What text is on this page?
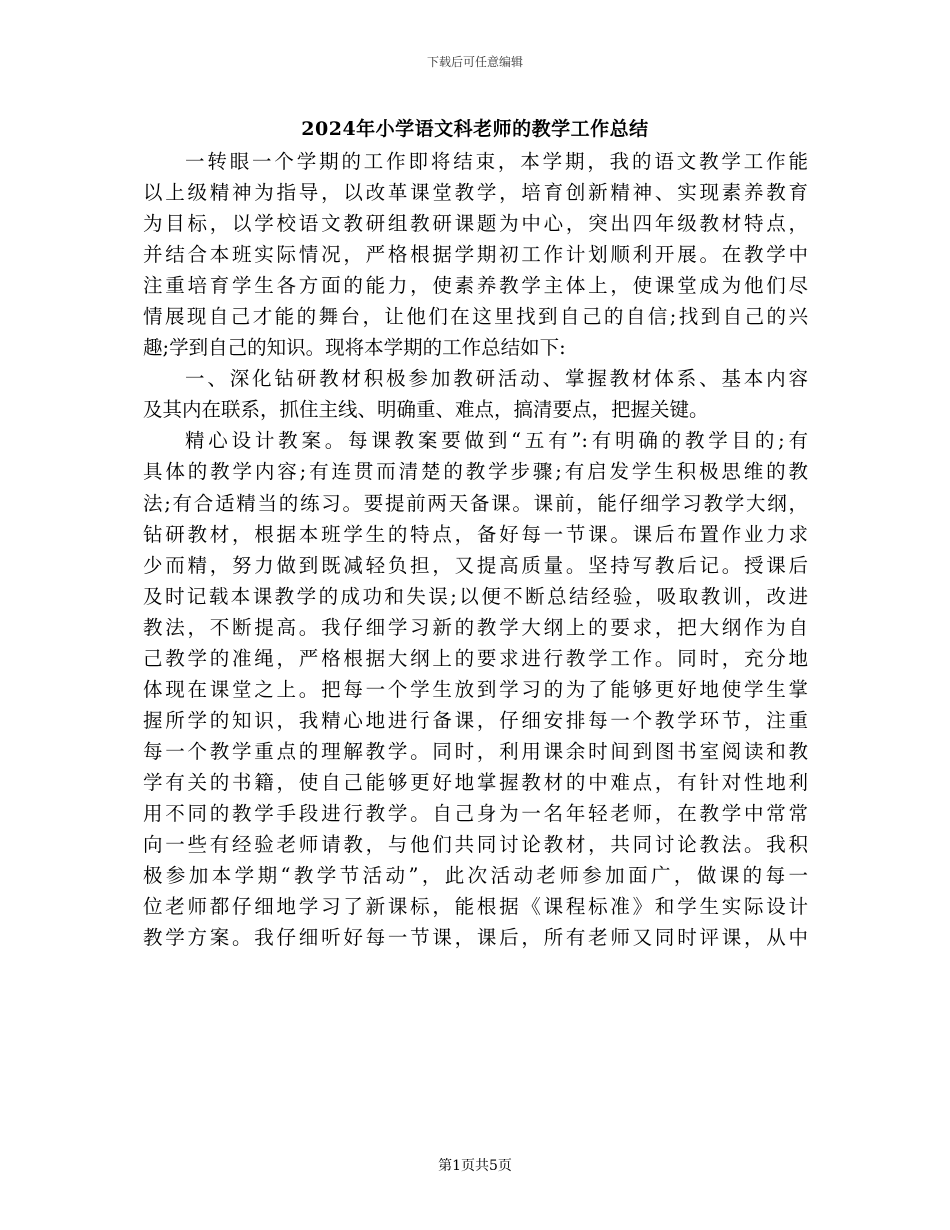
下载后可任意编辑
2024年小学语文科老师的教学工作总结
一转眼一个学期的工作即将结束，本学期，我的语文教学工作能
以上级精神为指导，以改革课堂教学，培育创新精神、实现素养教育
为目标，以学校语文教研组教研课题为中心，突出四年级教材特点，
并结合本班实际情况，严格根据学期初工作计划顺利开展。在教学中
注重培育学生各方面的能力，使素养教学主体上，使课堂成为他们尽
情展现自己才能的舞台，让他们在这里找到自己的自信;找到自己的兴
趣;学到自己的知识。现将本学期的工作总结如下:
一、深化钻研教材积极参加教研活动、掌握教材体系、基本内容
及其内在联系，抓住主线、明确重、难点，搞清要点，把握关键。
精心设计教案。每课教案要做到“五有”:有明确的教学目的;有
具体的教学内容;有连贯而清楚的教学步骤;有启发学生积极思维的教
法;有合适精当的练习。要提前两天备课。课前，能仔细学习教学大纲，
钻研教材，根据本班学生的特点，备好每一节课。课后布置作业力求
少而精，努力做到既减轻负担，又提高质量。坚持写教后记。授课后
及时记载本课教学的成功和失误;以便不断总结经验，吸取教训，改进
教法，不断提高。我仔细学习新的教学大纲上的要求，把大纲作为自
己教学的准绳，严格根据大纲上的要求进行教学工作。同时，充分地
体现在课堂之上。把每一个学生放到学习的为了能够更好地使学生掌
握所学的知识，我精心地进行备课，仔细安排每一个教学环节，注重
每一个教学重点的理解教学。同时，利用课余时间到图书室阅读和教
学有关的书籍，使自己能够更好地掌握教材的中难点，有针对性地利
用不同的教学手段进行教学。自己身为一名年轻老师，在教学中常常
向一些有经验老师请教，与他们共同讨论教材，共同讨论教法。我积
极参加本学期“教学节活动”，此次活动老师参加面广，做课的每一
位老师都仔细地学习了新课标，能根据《课程标准》和学生实际设计
教学方案。我仔细听好每一节课，课后，所有老师又同时评课，从中
第1页共5页
